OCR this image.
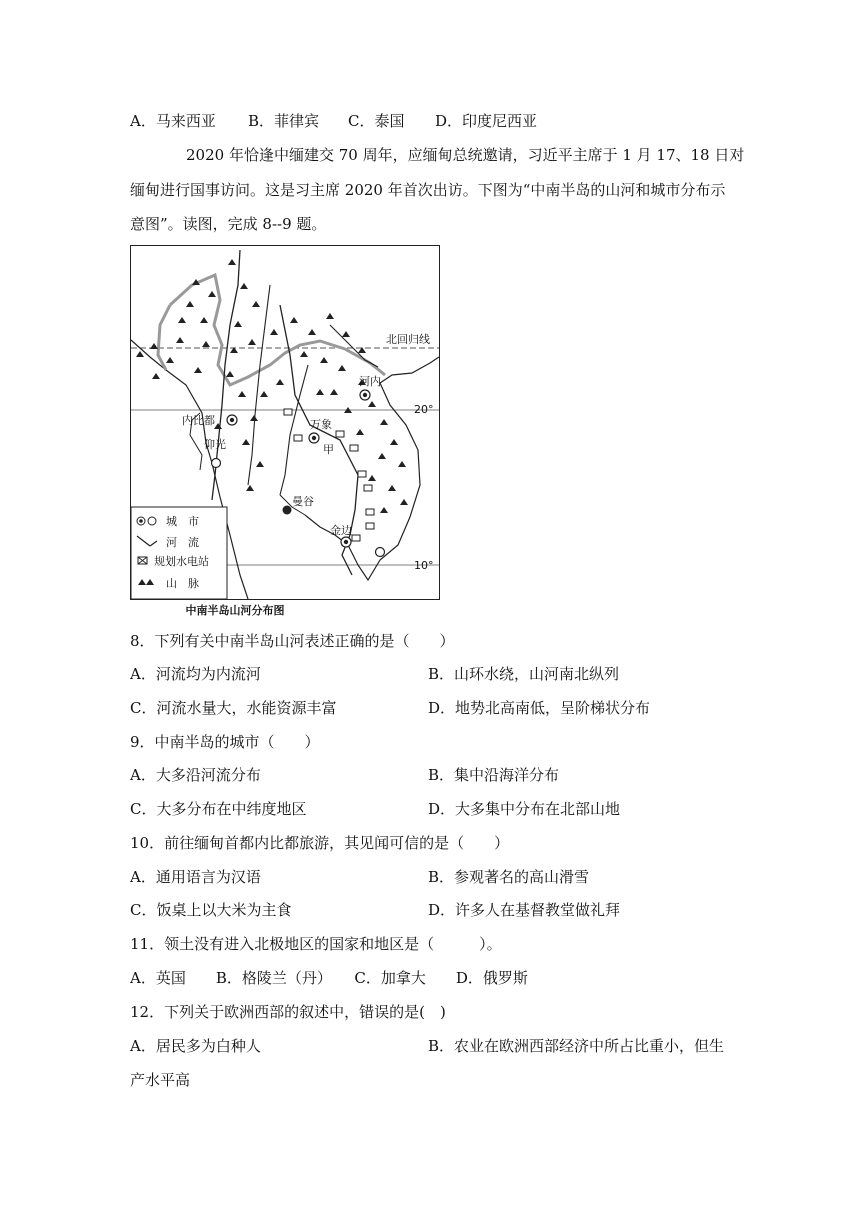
A．马来西亚 B．菲律宾 C．泰国 D．印度尼西亚
2020 年恰逢中缅建交 70 周年，应缅甸总统邀请，习近平主席于 1 月 17、18 日对
缅甸进行国事访问。这是习主席 2020 年首次出访。下图为“中南半岛的山河和城市分布示
意图”。读图，完成 8--9 题。
内比都
仰光
万象
甲
河内
曼谷
金边
北回归线
20°
10°
城　市
河　流
规划水电站
山　脉
中南半岛山河分布图
8．下列有关中南半岛山河表述正确的是（　　）
A．河流均为内流河	B．山环水绕，山河南北纵列
C．河流水量大，水能资源丰富	D．地势北高南低，呈阶梯状分布
9．中南半岛的城市（　　）
A．大多沿河流分布	B．集中沿海洋分布
C．大多分布在中纬度地区	D．大多集中分布在北部山地
10．前往缅甸首都内比都旅游，其见闻可信的是（　　）
A．通用语言为汉语	B．参观著名的高山滑雪
C．饭桌上以大米为主食	D．许多人在基督教堂做礼拜
11．领土没有进入北极地区的国家和地区是（　　　）。
A．英国　　B．格陵兰（丹）　　C．加拿大　　D．俄罗斯
12．下列关于欧洲西部的叙述中，错误的是(　)
A．居民多为白种人	B．农业在欧洲西部经济中所占比重小，但生
产水平高
